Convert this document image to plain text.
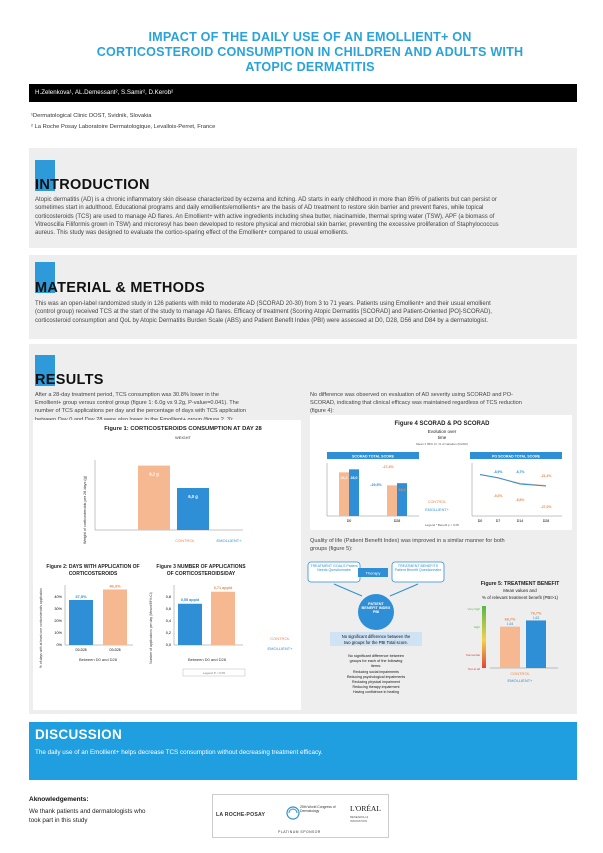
IMPACT OF THE DAILY USE OF AN EMOLLIENT+ ON
CORTICOSTEROID CONSUMPTION IN CHILDREN AND ADULTS WITH
ATOPIC DERMATITIS
H.Zelenkova¹, AL.Demessant², S.Samir², D.Kerob²
¹Dermatological Clinic DOST, Svidnik, Slovakia
² La Roche Posay Laboratoire Dermatologique, Levallois-Perret, France
INTRODUCTION
Atopic dermatitis (AD) is a chronic inflammatory skin disease characterized by eczema and itching. AD starts in early childhood in more than 85% of patients but can persist or
sometimes start in adulthood. Educational programs and daily emollients/emollients+ are the basis of AD treatment to restore skin barrier and prevent flares, while topical
corticosteroids (TCS) are used to manage AD flares. An Emollient+ with active ingredients including shea butter, niacinamide, thermal spring water (TSW), APF (a biomass of
Vitreoscilla Filiformis grown in TSW) and microresyl has been developed to restore physical and microbial skin barrier, preventing the excessive proliferation of Staphylococcus
aureus. This study was designed to evaluate the cortico-sparing effect of the Emollient+ compared to usual emollients.
MATERIAL & METHODS
This was an open-label randomized study in 126 patients with mild to moderate AD (SCORAD 20-30) from 3 to 71 years. Patients using Emollient+ and their usual emollient
(control group) received TCS at the start of the study to manage AD flares. Efficacy of treatment (Scoring Atopic Dermatitis [SCORAD] and Patient-Oriented [PO]-SCORAD),
corticosteroid consumption and QoL by Atopic Dermatitis Burden Scale (ABS) and Patient Benefit Index (PBI) were assessed at D0, D28, D56 and D84 by a dermatologist.
RESULTS
After a 28-day treatment period, TCS consumption was 30.8% lower in the
Emollient+ group versus control group (figure 1: 6.0g vs 9.2g, P-value=0.041). The
number of TCS applications per day and the percentage of days with TCS application
No difference was observed on evaluation of AD severity using SCORAD and PO-
SCORAD, indicating that clinical efficacy was maintained regardless of TCS reduction
(figure 4):
Figure 1: CORTICOSTEROIDS CONSUMPTION AT DAY 28
WEIGHT
Weight of corticosteroids per 28 days (g)
9,2 g
6,0 g
CONTROL	EMOLLIENT+
Figure 2: DAYS WITH APPLICATION OF
CORTICOSTEROIDS
% of days with at least one corticosteroids application	40%
30%
20%
10%
0%
37,5%
46,3%
D0-D28	D0-D28
Between D0 and D28
Figure 3 NUMBER OF APPLICATIONS
OF CORTICOSTEROIDS/DAY
Number of applications per day (Mean±95% CI)	0,8
0,6
0,4
0,2
0,0
0,55 app/d
0,71 app/d
Between D0 and D28
CONTROL
EMOLLIENT+
Legend P < 0.05
Figure 4 SCORAD & PO SCORAD
Evolution over
time
Mean ± 95% CI, % of variation (Dx/D0)
SCORAD TOTAL SCORE
26,2 28,0
-29,5%
-27,4%
18,4
D0	D28
CONTROL
EMOLLIENT+
Legend * Benefit p < 0.05
PO SCORAD TOTAL SCORE
-8,9%	-6,7%
-21,4%
-9,2%
-8,9%
-27,0%
D0	D7	D14	D28
Quality of life (Patient Benefit Index) was improved in a similar manner for both
groups (figure 5):
TREATMENT GOALS Patient Needs Questionnaire
Therapy
TREATMENT BENEFITS Patient Benefit Questionnaire
PATIENT BENEFIT INDEX PBI
No significant difference between the
two groups for the PBI Total score.
No significant difference between
groups for each of the following
items:
Reducing social impairments
Reducing psychological impairments
Reducing physical impairment
Reducing therapy impairment
Having confidence in healing
Figure 5: TREATMENT BENEFIT
Mean values and
% of relevant treatment benefit (PBI>1)
Very high
High
Somewhat
Not at all
66,7%
76,7%
1,64
1,63
CONTROL
EMOLLIENT+
DISCUSSION
The daily use of an Emollient+ helps decrease TCS consumption without decreasing treatment efficacy.
Aknowledgements:
We thank patients and dermatologists who
took part in this study
LA ROCHE-POSAY
25th World Congress of Dermatology	L'ORÉAL
RESEARCH & INNOVATION
PLATINUM SPONSOR
